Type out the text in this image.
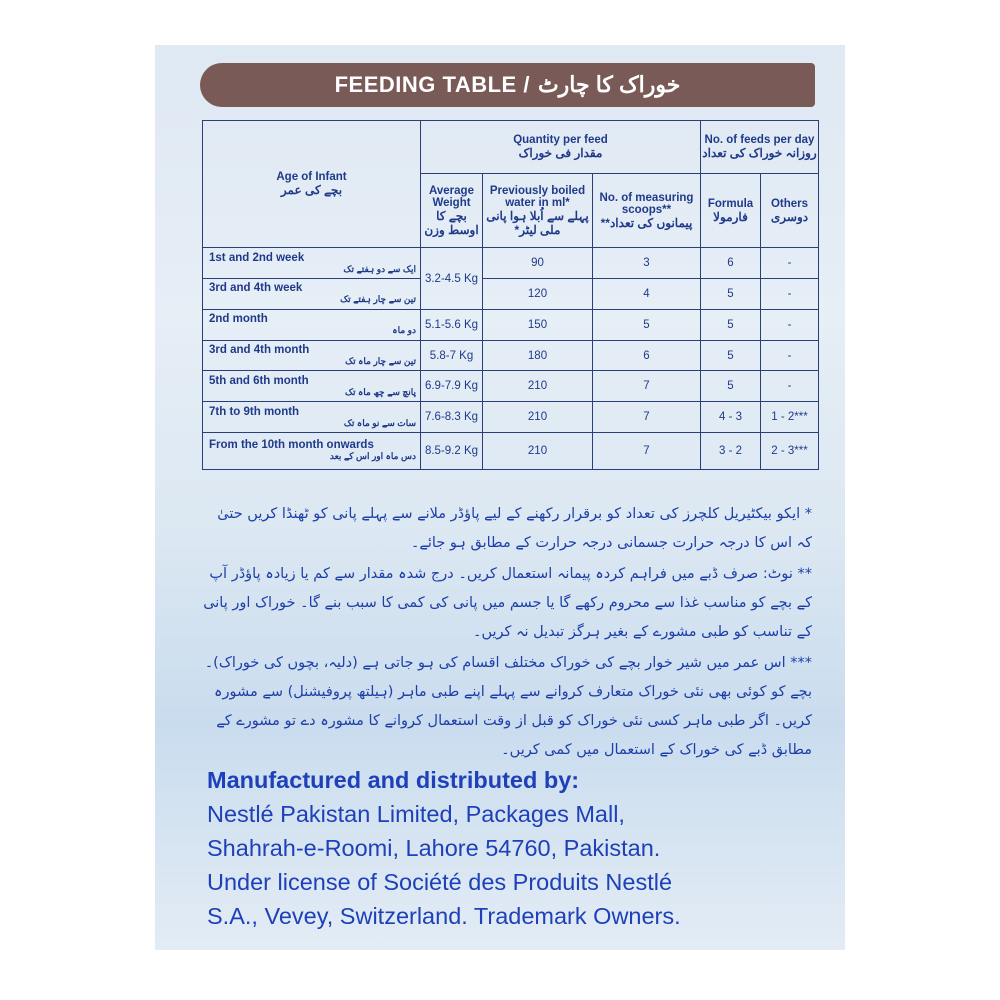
FEEDING TABLE / خوراک کا چارٹ
Age of Infant
بچے کی عمر	Quantity per feed
مقدار فی خوراک			No. of feeds per day
روزانہ خوراک کی تعداد	

	Average Weight
بچے کا اوسط وزن	Previously boiled water in ml*
پہلے سے اُبلا ہوا پانی ملی لیٹر*	No. of measuring scoops**
پیمانوں کی تعداد**	Formula
فارمولا	Others
دوسری

1st and 2nd week
ایک سے دو ہفتے تک	3.2-4.5 Kg	90	3	6	-
3rd and 4th week
تین سے چار ہفتے تک		120	4	5	-
2nd month
دو ماہ	5.1-5.6 Kg	150	5	5	-
3rd and 4th month
تین سے چار ماہ تک	5.8-7 Kg	180	6	5	-
5th and 6th month
پانچ سے چھ ماہ تک	6.9-7.9 Kg	210	7	5	-
7th to 9th month
سات سے نو ماہ تک	7.6-8.3 Kg	210	7	4 - 3	1 - 2***
From the 10th month onwards
دس ماہ اور اس کے بعد	8.5-9.2 Kg	210	7	3 - 2	2 - 3***

* ایکو بیکٹیریل کلچرز کی تعداد کو برقرار رکھنے کے لیے پاؤڈر ملانے سے پہلے پانی کو ٹھنڈا کریں حتیٰ کہ اس کا درجہ حرارت جسمانی درجہ حرارت کے مطابق ہو جائے۔

** نوٹ: صرف ڈبے میں فراہم کردہ پیمانہ استعمال کریں۔ درج شدہ مقدار سے کم یا زیادہ پاؤڈر آپ کے بچے کو مناسب غذا سے محروم رکھے گا یا جسم میں پانی کی کمی کا سبب بنے گا۔ خوراک اور پانی کے تناسب کو طبی مشورے کے بغیر ہرگز تبدیل نہ کریں۔

*** اس عمر میں شیر خوار بچے کی خوراک مختلف اقسام کی ہو جاتی ہے (دلیہ، بچوں کی خوراک)۔ بچے کو کوئی بھی نئی خوراک متعارف کروانے سے پہلے اپنے طبی ماہر (ہیلتھ پروفیشنل) سے مشورہ کریں۔ اگر طبی ماہر کسی نئی خوراک کو قبل از وقت استعمال کروانے کا مشورہ دے تو مشورے کے مطابق ڈبے کی خوراک کے استعمال میں کمی کریں۔

Manufactured and distributed by:
Nestlé Pakistan Limited, Packages Mall,
Shahrah-e-Roomi, Lahore 54760, Pakistan.
Under license of Société des Produits Nestlé
S.A., Vevey, Switzerland. Trademark Owners.
